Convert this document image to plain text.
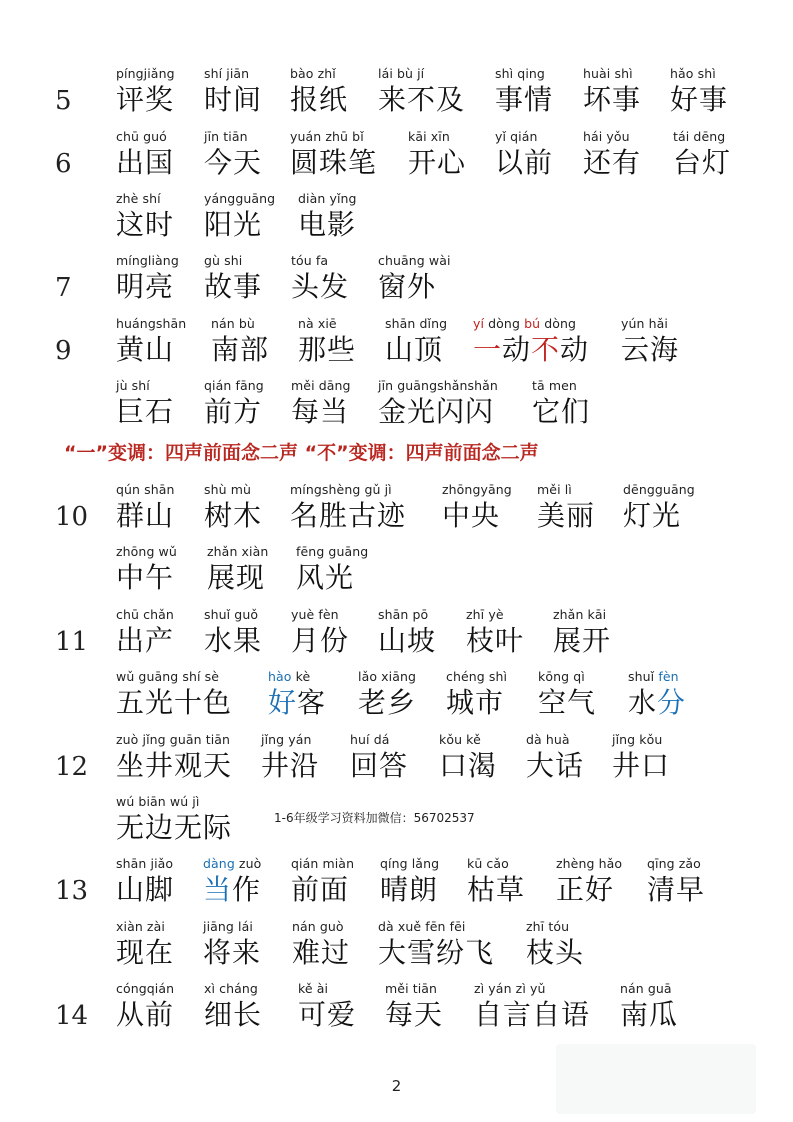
5
píngjiǎng
评奖
shí jiān
时间
bào zhǐ
报纸
lái bù jí
来不及
shì qing
事情
huài shì
坏事
hǎo shì
好事
6
chū guó
出国
jīn tiān
今天
yuán zhū bǐ
圆珠笔
kāi xīn
开心
yǐ qián
以前
hái yǒu
还有
tái dēng
台灯
zhè shí
这时
yángguāng
阳光
diàn yǐng
电影
7
míngliàng
明亮
gù shi
故事
tóu fa
头发
chuāng wài
窗外
9
huángshān
黄山
nán bù
南部
nà xiē
那些
shān dǐng
山顶
yí dòng bú dòng
一动不动
yún hǎi
云海
jù shí
巨石
qián fāng
前方
měi dāng
每当
jīn guāngshǎnshǎn
金光闪闪
tā men
它们
“一”变调：四声前面念二声 “不”变调：四声前面念二声
10
qún shān
群山
shù mù
树木
míngshèng gǔ jì
名胜古迹
zhōngyāng
中央
měi lì
美丽
dēngguāng
灯光
zhōng wǔ
中午
zhǎn xiàn
展现
fēng guāng
风光
11
chū chǎn
出产
shuǐ guǒ
水果
yuè fèn
月份
shān pō
山坡
zhī yè
枝叶
zhǎn kāi
展开
wǔ guāng shí sè
五光十色
hào kè
好客
lǎo xiāng
老乡
chéng shì
城市
kōng qì
空气
shuǐ fèn
水分
12
zuò jǐng guān tiān
坐井观天
jǐng yán
井沿
huí dá
回答
kǒu kě
口渴
dà huà
大话
jǐng kǒu
井口
wú biān wú jì
无边无际	1-6年级学习资料加微信：56702537
13
shān jiǎo
山脚
dàng zuò
当作
qián miàn
前面
qíng lǎng
晴朗
kū cǎo
枯草
zhèng hǎo
正好
qīng zǎo
清早
xiàn zài
现在
jiāng lái
将来
nán guò
难过
dà xuě fēn fēi
大雪纷飞
zhī tóu
枝头
14
cóngqián
从前
xì cháng
细长
kě ài
可爱
měi tiān
每天
zì yán zì yǔ
自言自语
nán guā
南瓜
2
